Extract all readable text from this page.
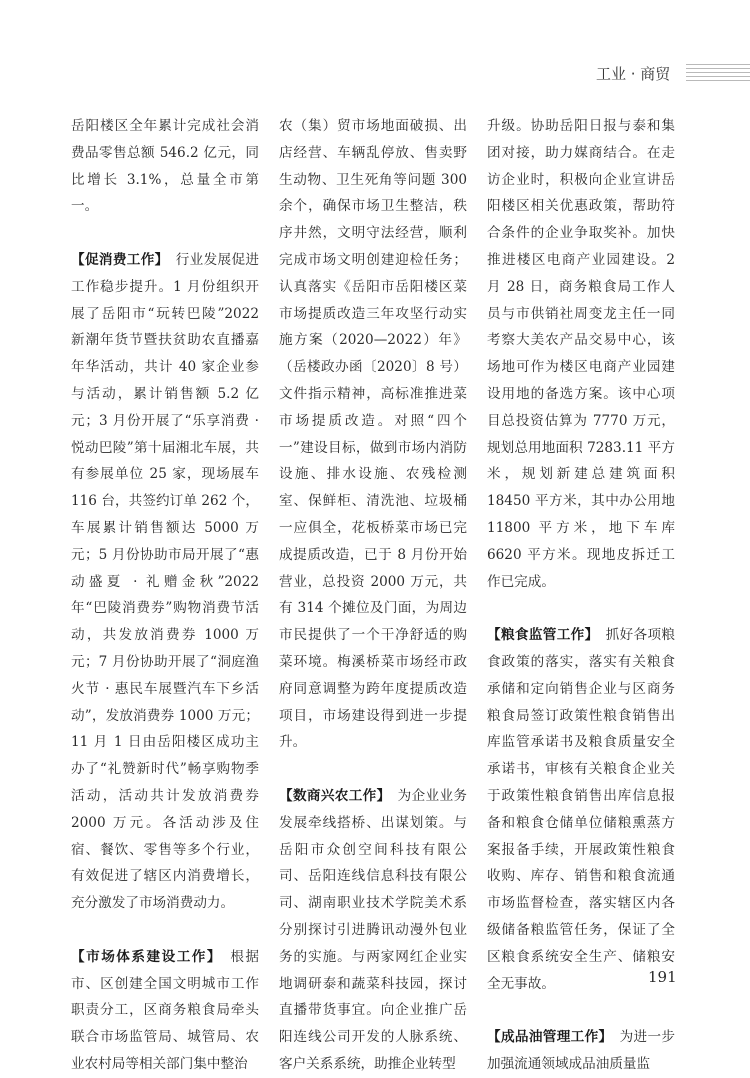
工业 · 商贸

岳阳楼区全年累计完成社会消费品零售总额 546.2 亿元，同比增长 3.1%，总量全市第一。

【促消费工作】　 行业发展促进工作稳步提升。1 月份组织开展了岳阳市“玩转巴陵”2022 新潮年货节暨扶贫助农直播嘉年华活动，共计 40 家企业参与活动，累计销售额 5.2 亿元；3 月份开展了“乐享消费 · 悦动巴陵”第十届湘北车展，共有参展单位 25 家，现场展车 116 台，共签约订单 262 个，车展累计销售额达 5000 万元；5 月份协助市局开展了“惠动盛夏 · 礼赠金秋”2022 年“巴陵消费券”购物消费节活动，共发放消费券 1000 万元；7 月份协助开展了“洞庭渔火节 · 惠民车展暨汽车下乡活动”，发放消费券 1000 万元；11 月 1 日由岳阳楼区成功主办了“礼赞新时代”畅享购物季活动，活动共计发放消费券 2000 万元。各活动涉及住宿、餐饮、零售等多个行业，有效促进了辖区内消费增长，充分激发了市场消费动力。

【市场体系建设工作】　 根据市、区创建全国文明城市工作职责分工，区商务粮食局牵头联合市场监管局、城管局、农业农村局等相关部门集中整治

农（集）贸市场地面破损、出店经营、车辆乱停放、售卖野生动物、卫生死角等问题 300 余个，确保市场卫生整洁，秩序井然，文明守法经营，顺利完成市场文明创建迎检任务；认真落实《岳阳市岳阳楼区菜市场提质改造三年攻坚行动实施方案（2020—2022）年》（岳楼政办函〔2020〕8 号）文件指示精神，高标准推进菜市场提质改造。对照“四个一”建设目标，做到市场内消防设施、排水设施、农残检测室、保鲜柜、清洗池、垃圾桶一应俱全，花板桥菜市场已完成提质改造，已于 8 月份开始营业，总投资 2000 万元，共有 314 个摊位及门面，为周边市民提供了一个干净舒适的购菜环境。梅溪桥菜市场经市政府同意调整为跨年度提质改造项目，市场建设得到进一步提升。

【数商兴农工作】　 为企业业务发展牵线搭桥、出谋划策。与岳阳市众创空间科技有限公司、岳阳连线信息科技有限公司、湖南职业技术学院美术系分别探讨引进腾讯动漫外包业务的实施。与两家网红企业实地调研泰和蔬菜科技园，探讨直播带货事宜。向企业推广岳阳连线公司开发的人脉系统、客户关系系统，助推企业转型

升级。协助岳阳日报与泰和集团对接，助力媒商结合。在走访企业时，积极向企业宣讲岳阳楼区相关优惠政策，帮助符合条件的企业争取奖补。加快推进楼区电商产业园建设。2 月 28 日，商务粮食局工作人员与市供销社周变龙主任一同考察大美农产品交易中心，该场地可作为楼区电商产业园建设用地的备选方案。该中心项目总投资估算为 7770 万元，规划总用地面积 7283.11 平方米，规划新建总建筑面积 18450 平方米，其中办公用地 11800 平方米，地下车库 6620 平方米。现地皮拆迁工作已完成。

【粮食监管工作】　 抓好各项粮食政策的落实，落实有关粮食承储和定向销售企业与区商务粮食局签订政策性粮食销售出库监管承诺书及粮食质量安全承诺书，审核有关粮食企业关于政策性粮食销售出库信息报备和粮食仓储单位储粮熏蒸方案报备手续，开展政策性粮食收购、库存、销售和粮食流通市场监督检查，落实辖区内各级储备粮监管任务，保证了全区粮食系统安全生产、储粮安全无事故。

【成品油管理工作】　 为进一步加强流通领域成品油质量监

191
